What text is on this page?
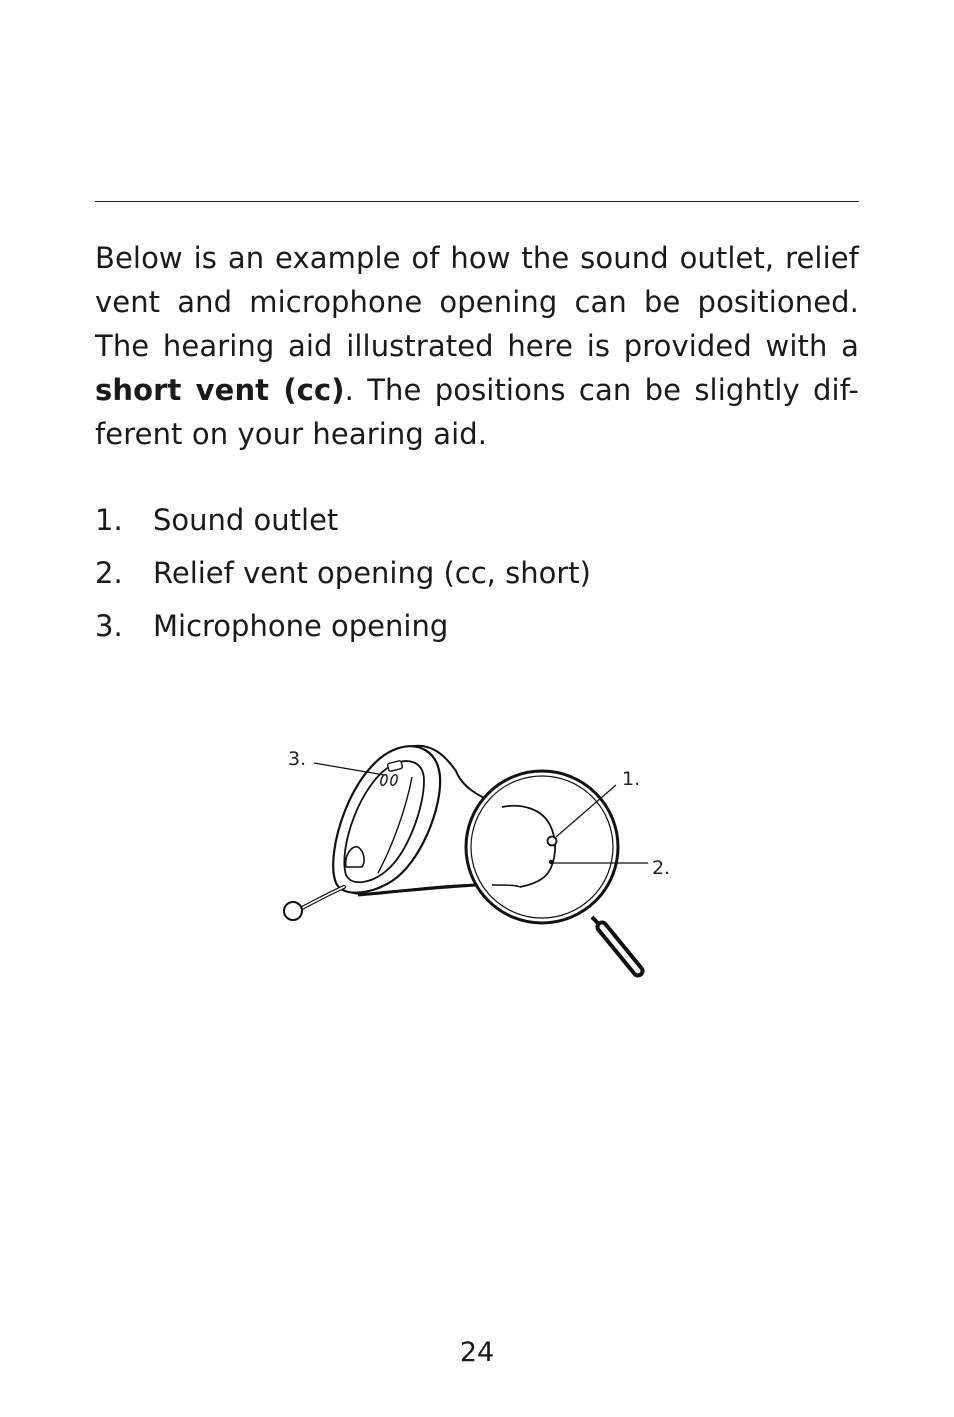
Below is an example of how the sound outlet, relief
vent and microphone opening can be positioned.
The hearing aid illustrated here is provided with a
short vent (cc). The positions can be slightly dif-
ferent on your hearing aid.

1. Sound outlet
2. Relief vent opening (cc, short)
3. Microphone opening
3.
1.
2.
24
